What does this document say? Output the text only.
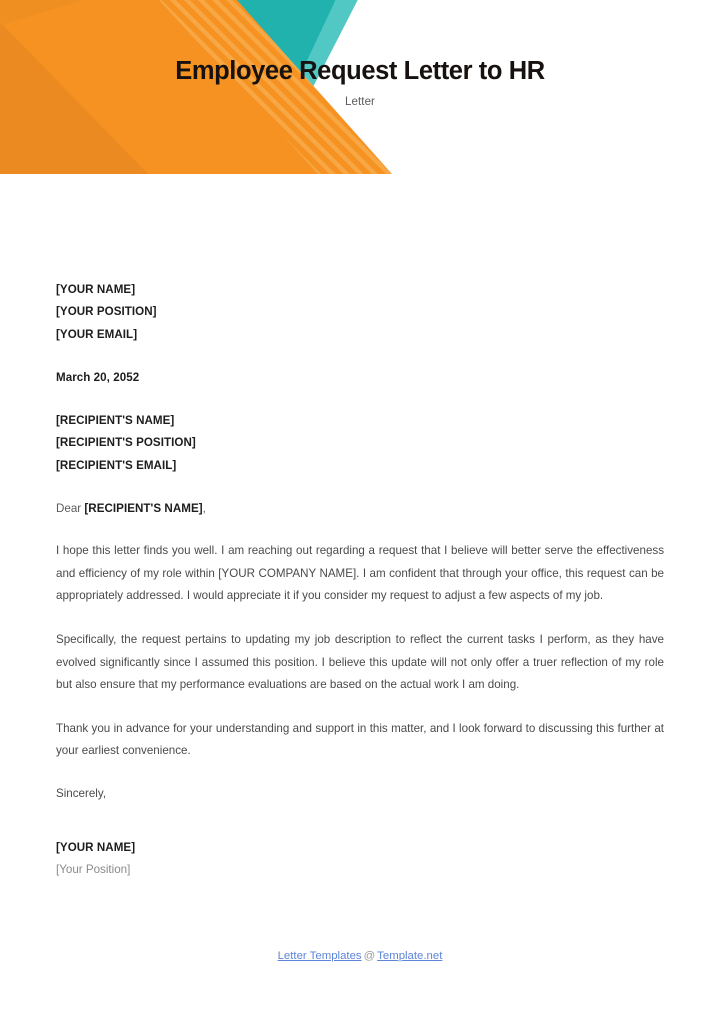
Employee Request Letter to HR
Letter
[YOUR NAME]
[YOUR POSITION]
[YOUR EMAIL]
March 20, 2052
[RECIPIENT'S NAME]
[RECIPIENT'S POSITION]
[RECIPIENT'S EMAIL]
Dear [RECIPIENT'S NAME],

I hope this letter finds you well. I am reaching out regarding a request that I believe will better serve the effectiveness and efficiency of my role within [YOUR COMPANY NAME]. I am confident that through your office, this request can be appropriately addressed. I would appreciate it if you consider my request to adjust a few aspects of my job.

Specifically, the request pertains to updating my job description to reflect the current tasks I perform, as they have evolved significantly since I assumed this position. I believe this update will not only offer a truer reflection of my role but also ensure that my performance evaluations are based on the actual work I am doing.

Thank you in advance for your understanding and support in this matter, and I look forward to discussing this further at your earliest convenience.

Sincerely,
[YOUR NAME]
[Your Position]
Letter Templates @ Template.net
